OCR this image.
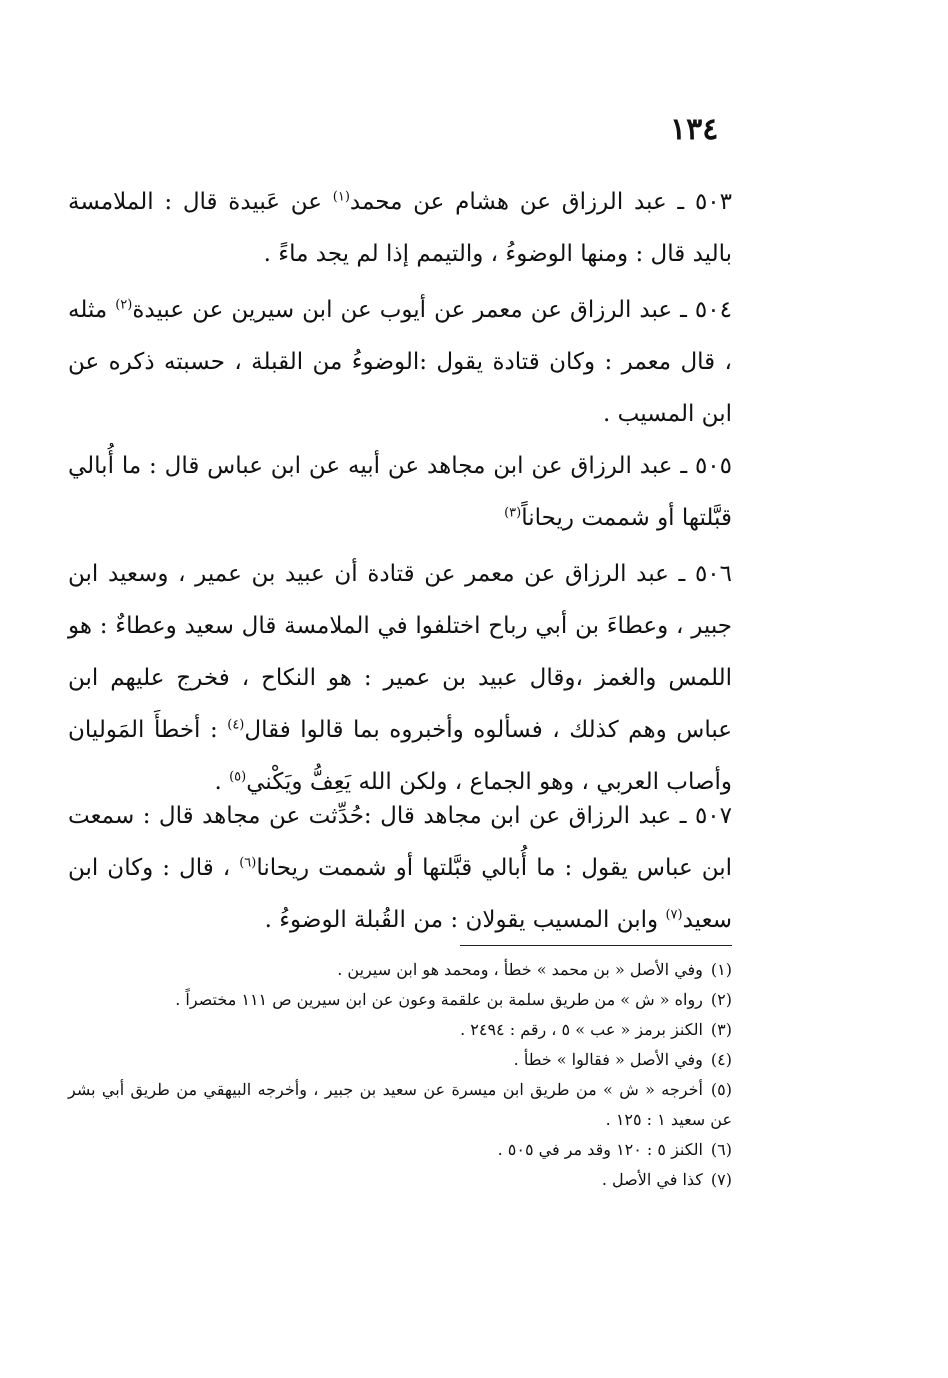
١٣٤

٥٠٣ ـ عبد الرزاق عن هشام عن محمد$^{(١)}$ عن عَبيدة قال : الملامسة باليد قال : ومنها الوضوءُ ، والتيمم إذا لم يجد ماءً .

٥٠٤ ـ عبد الرزاق عن معمر عن أيوب عن ابن سيرين عن عبيدة$^{(٢)}$ مثله ، قال معمر : وكان قتادة يقول :الوضوءُ من القبلة ، حسبته ذكره عن ابن المسيب .

٥٠٥ ـ عبد الرزاق عن ابن مجاهد عن أبيه عن ابن عباس قال : ما أُبالي قبَّلتها أو شممت ريحاناً$^{(٣)}$

٥٠٦ ـ عبد الرزاق عن معمر عن قتادة أن عبيد بن عمير ، وسعيد ابن جبير ، وعطاءَ بن أبي رباح اختلفوا في الملامسة قال سعيد وعطاءٌ : هو اللمس والغمز ،وقال عبيد بن عمير : هو النكاح ، فخرج عليهم ابن عباس وهم كذلك ، فسألوه وأخبروه بما قالوا فقال$^{(٤)}$ : أخطأَ المَوليان وأصاب العربي ، وهو الجماع ، ولكن الله يَعِفُّ ويَكْني$^{(٥)}$ .

٥٠٧ ـ عبد الرزاق عن ابن مجاهد قال :حُدِّثت عن مجاهد قال : سمعت ابن عباس يقول : ما أُبالي قبَّلتها أو شممت ريحانا$^{(٦)}$ ، قال : وكان ابن سعيد$^{(٧)}$ وابن المسيب يقولان : من القُبلة الوضوءُ .

(١)وفي الأصل « بن محمد » خطأ ، ومحمد هو ابن سيرين .

(٢)رواه « ش » من طريق سلمة بن علقمة وعون عن ابن سيرين ص ١١١ مختصراً .

(٣)الكنز برمز « عب » ٥ ، رقم : ٢٤٩٤ .

(٤)وفي الأصل « فقالوا » خطأ .

(٥)أخرجه « ش » من طريق ابن ميسرة عن سعيد بن جبير ، وأخرجه البيهقي من طريق أبي بشر عن سعيد ١ : ١٢٥ .

(٦)الكنز ٥ : ١٢٠ وقد مر في ٥٠٥ .

(٧)كذا في الأصل .
